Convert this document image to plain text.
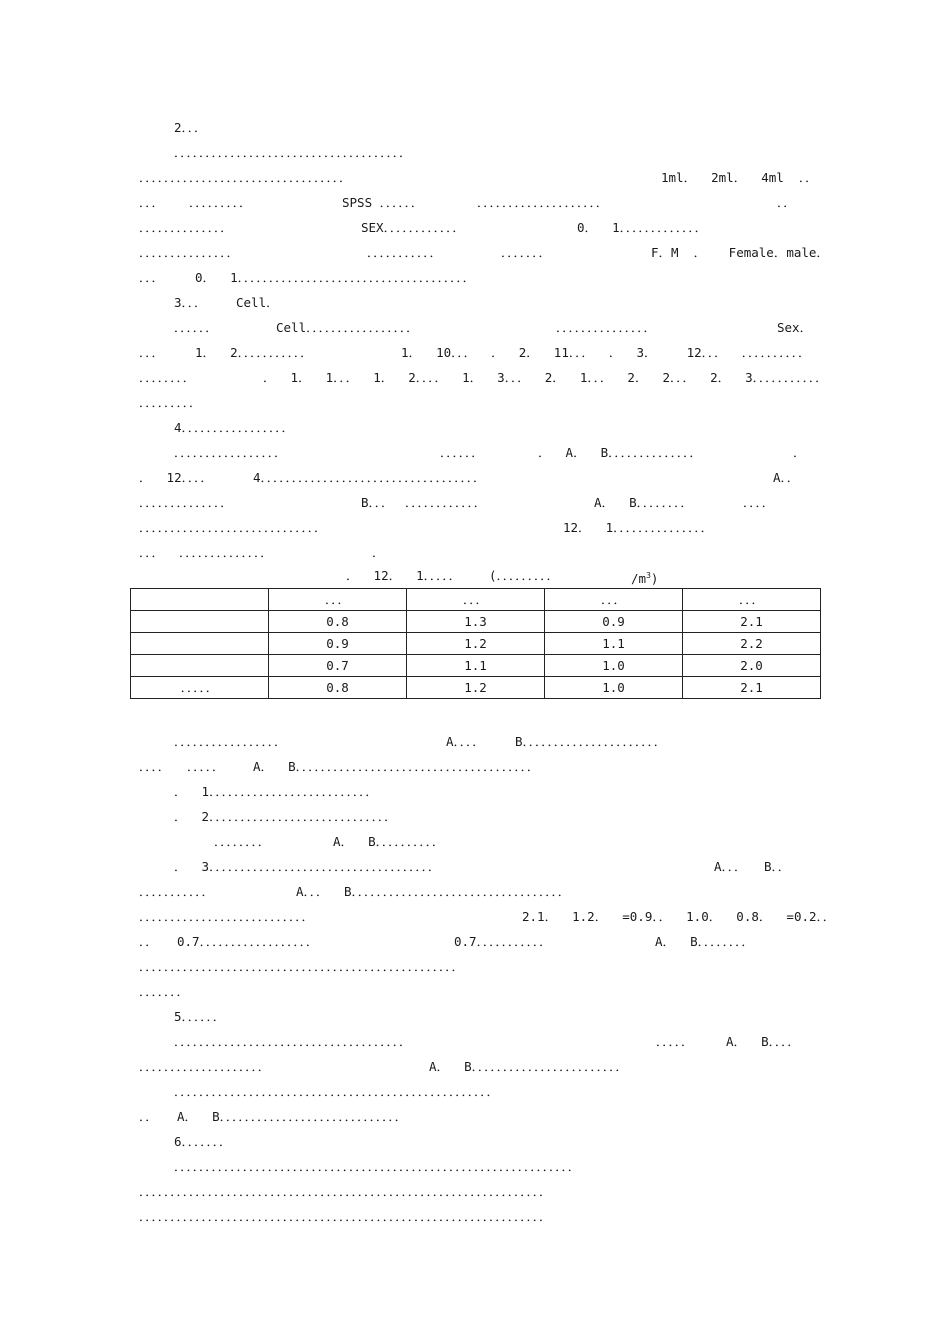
2．．．
．．．．．．．．．．．．．．．．．．．．．．．．．．．．．．．．．．．．．

．．．．．．．．．．．．．．．．．．．．．．．．．．．．．．．．．

	1ml．  2ml．  4ml  ．．

．．．

．．．．．．．．．

	SPSS ．．．．．．

	．．．．．．．．．．．．．．．．．．．．

	．．

．．．．．．．．．．．．．．

	SEX．．．．．．．．．．．．

	0．  1．．．．．．．．．．．．．

．．．．．．．．．．．．．．．

	．．．．．．．．．．．

	．．．．．．．

	F．M  ．   Female．male．

．．．

0．  1．．．．．．．．．．．．．．．．．．．．．．．．．．．．．．．．．．．．．

3．．．

Cell．

．．．．．．

	Cell．．．．．．．．．．．．．．．．．

	．．．．．．．．．．．．．．．

	Sex．

．．．

1．  2．．．．．．．．．．．

	1．  10．．．  ．  2．  11．．．  ．  3．    12．．．  ．．．．．．．．．．

．．．．．．．．

	．  1．  1．．．  1．  2．．．．  1．  3．．．  2．  1．．．  2．  2．．．  2．  3．．．．．．．．．．．

．．．．．．．．．
4．．．．．．．．．．．．．．．．．

．．．．．．．．．．．．．．．．．

	．．．．．．

	．  A．  B．．．．．．．．．．．．．．

	．

．  12．．．．

	4．．．．．．．．．．．．．．．．．．．．．．．．．．．．．．．．．．．

	A．．

．．．．．．．．．．．．．．

	B．．．

．．．．．．．．．．．．

	A．  B．．．．．．．．

	．．．．

．．．．．．．．．．．．．．．．．．．．．．．．．．．．．

	12．  1．．．．．．．．．．．．．．．

．．．  ．．．．．．．．．．．．．．

	．

．  12．  1．．．．．

(．．．．．．．．．

	$/m^3$)

	．．．	．．．	．．．	．．．
	0.8	1.3	0.9	2.1
	0.9	1.2	1.1	2.2
	0.7	1.1	1.0	2.0
．．．．．	0.8	1.2	1.0	2.1

．．．．．．．．．．．．．．．．．

	A．．．．

B．．．．．．．．．．．．．．．．．．．．．．

．．．．

．．．．．

A．  B．．．．．．．．．．．．．．．．．．．．．．．．．．．．．．．．．．．．．．

．  1．．．．．．．．．．．．．．．．．．．．．．．．．．
．  2．．．．．．．．．．．．．．．．．．．．．．．．．．．．．

．．．．．．．．

	A．  B．．．．．．．．．．

．  3．．．．．．．．．．．．．．．．．．．．．．．．．．．．．．．．．．．．

	A．．．

B．．

．．．．．．．．．．．

	A．．．

B．．．．．．．．．．．．．．．．．．．．．．．．．．．．．．．．．．

．．．．．．．．．．．．．．．．．．．．．．．．．．．

	2.1．  1.2．  =0.9．．  1.0．  0.8．  =0.2．．

．．

0.7．．．．．．．．．．．．．．．．．．

	0.7．．．．．．．．．．．

	A．  B．．．．．．．．

．．．．．．．．．．．．．．．．．．．．．．．．．．．．．．．．．．．．．．．．．．．．．．．．．．．
．．．．．．．
5．．．．．．

．．．．．．．．．．．．．．．．．．．．．．．．．．．．．．．．．．．．．

	．．．．．

	A．  B．．．．

．．．．．．．．．．．．．．．．．．．．

	A．  B．．．．．．．．．．．．．．．．．．．．．．．．

．．．．．．．．．．．．．．．．．．．．．．．．．．．．．．．．．．．．．．．．．．．．．．．．．．．

．．

A．  B．．．．．．．．．．．．．．．．．．．．．．．．．．．．．

6．．．．．．．
．．．．．．．．．．．．．．．．．．．．．．．．．．．．．．．．．．．．．．．．．．．．．．．．．．．．．．．．．．．．．．．．
．．．．．．．．．．．．．．．．．．．．．．．．．．．．．．．．．．．．．．．．．．．．．．．．．．．．．．．．．．．．．．．．．
．．．．．．．．．．．．．．．．．．．．．．．．．．．．．．．．．．．．．．．．．．．．．．．．．．．．．．．．．．．．．．．．．
